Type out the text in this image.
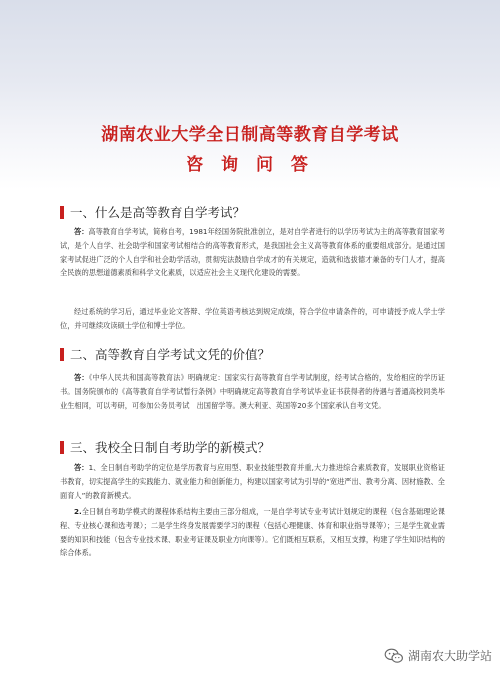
湖南农业大学全日制高等教育自学考试
咨 询 问 答
一、什么是高等教育自学考试？
答：高等教育自学考试，简称自考，1981年经国务院批准创立，是对自学者进行的以学历考试为主的高等教育国家考试，是个人自学、社会助学和国家考试相结合的高等教育形式，是我国社会主义高等教育体系的重要组成部分。是通过国家考试促进广泛的个人自学和社会助学活动，贯彻宪法鼓励自学成才的有关规定，造就和选拔德才兼备的专门人才，提高全民族的思想道德素质和科学文化素质，以适应社会主义现代化建设的需要。
经过系统的学习后，通过毕业论文答辩、学位英语考核达到规定成绩，符合学位申请条件的，可申请授予成人学士学位，并可继续攻读硕士学位和博士学位。
二、高等教育自学考试文凭的价值？
答：《中华人民共和国高等教育法》明确规定：国家实行高等教育自学考试制度，经考试合格的，发给相应的学历证书。国务院颁布的《高等教育自学考试暂行条例》中明确规定高等教育自学考试毕业证书获得者的待遇与普通高校同类毕业生相同，可以考研，可参加公务员考试　出国留学等。澳大利亚、英国等20多个国家承认自考文凭。
三、我校全日制自考助学的新模式？
答：1、全日制自考助学的定位是学历教育与应用型、职业技能型教育并重,大力推进综合素质教育，发展职业资格证书教育，切实提高学生的实践能力、就业能力和创新能力，构建以国家考试为引导的“宽进严出、教考分离、因材施教、全面育人”的教育新模式。
2.全日制自考助学模式的课程体系结构主要由三部分组成，一是自学考试专业考试计划规定的课程（包含基础理论课程、专业核心课和选考课）；二是学生终身发展需要学习的课程（包括心理健康、体育和职业指导课等）；三是学生就业需要的知识和技能（包含专业技术课、职业考证课及职业方向课等）。它们既相互联系，又相互支撑，构建了学生知识结构的综合体系。
湖南农大助学站
